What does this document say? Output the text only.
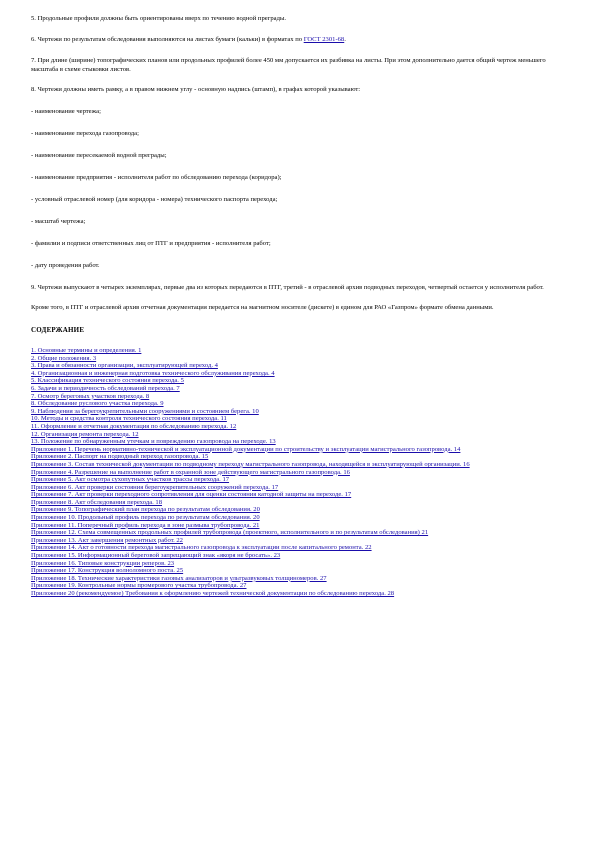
5. Продольные профили должны быть ориентированы вверх по течению водной преграды.

6. Чертежи по результатам обследования выполняются на листах бумаги (кальки) в форматах по ГОСТ 2301-68.

7. При длине (ширине) топографических планов или продольных профилей более 450 мм допускается их разбивка на листы. При этом дополнительно дается общий чертеж меньшего масштаба в схеме стыковки листов.

8. Чертежи должны иметь рамку, а в правом нижнем углу - основную надпись (штамп), в графах которой указывают:

- наименование чертежа;

- наименование перехода газопровода;

- наименование пересекаемой водной преграды;

- наименование предприятия - исполнителя работ по обследованию перехода (коридора);

- условный отраслевой номер (для коридора - номера) технического паспорта перехода;

- масштаб чертежа;

- фамилии и подписи ответственных лиц от ПТГ и предприятия - исполнителя работ;

- дату проведения работ.

9. Чертежи выпускают в четырех экземплярах, первые два из которых передаются в ПТГ, третий - в отраслевой архив подводных переходов, четвертый остается у исполнителя работ.

Кроме того, в ПТГ и отраслевой архив отчетная документация передается на магнитном носителе (дискете) в едином для РАО «Газпром» формате обмена данными.

СОДЕРЖАНИЕ
1. Основные термины и определения. 1
2. Общие положения. 3
3. Права и обязанности организации, эксплуатирующей переход. 4
4. Организационная и инженерная подготовка технического обслуживания перехода. 4
5. Классификация технического состояния перехода. 5
6. Задачи и периодичность обследований перехода. 7
7. Осмотр береговых участков перехода. 8
8. Обследование руслового участка перехода. 9
9. Наблюдения за берегоукрепительными сооружениями и состоянием берега. 10
10. Методы и средства контроля технического состояния перехода. 11
11. Оформление и отчетная документация по обследованию перехода. 12
12. Организация ремонта перехода. 12
13. Положение по обнаруженным утечкам и повреждению газопровода на переходе. 13
Приложение 1. Перечень нормативно-технической и эксплуатационной документации по строительству и эксплуатации магистрального газопровода. 14
Приложение 2. Паспорт на подводный переход газопровода. 15
Приложение 3. Состав технической документации по подводному переходу магистрального газопровода, находящейся в эксплуатирующей организации. 16
Приложение 4. Разрешение на выполнение работ в охранной зоне действующего магистрального газопровода. 16
Приложение 5. Акт осмотра сухопутных участков трассы перехода. 17
Приложение 6. Акт проверки состояния берегоукрепительных сооружений перехода. 17
Приложение 7. Акт проверки переходного сопротивления для оценки состояния катодной защиты на переходе. 17
Приложение 8. Акт обследования перехода. 18
Приложение 9. Топографический план перехода по результатам обследования. 20
Приложение 10. Продольный профиль перехода по результатам обследования. 20
Приложение 11. Поперечный профиль перехода в зоне размыва трубопровода. 21
Приложение 12. Схема совмещенных продольных профилей трубопровода (проектного, исполнительного и по результатам обследования) 21
Приложение 13. Акт завершения ремонтных работ. 22
Приложение 14. Акт о готовности перехода магистрального газопровода к эксплуатации после капитального ремонта. 22
Приложение 15. Информационный береговой запрещающий знак «якоря не бросать». 23
Приложение 16. Типовые конструкции реперов. 23
Приложение 17. Конструкция волноломного поста. 25
Приложение 18. Технические характеристики газовых анализаторов и ультразвуковых толщиномеров. 27
Приложение 19. Контрольные нормы промерового участка трубопровода. 27
Приложение 20 (рекомендуемое) Требования к оформлению чертежей технической документации по обследованию перехода. 28
